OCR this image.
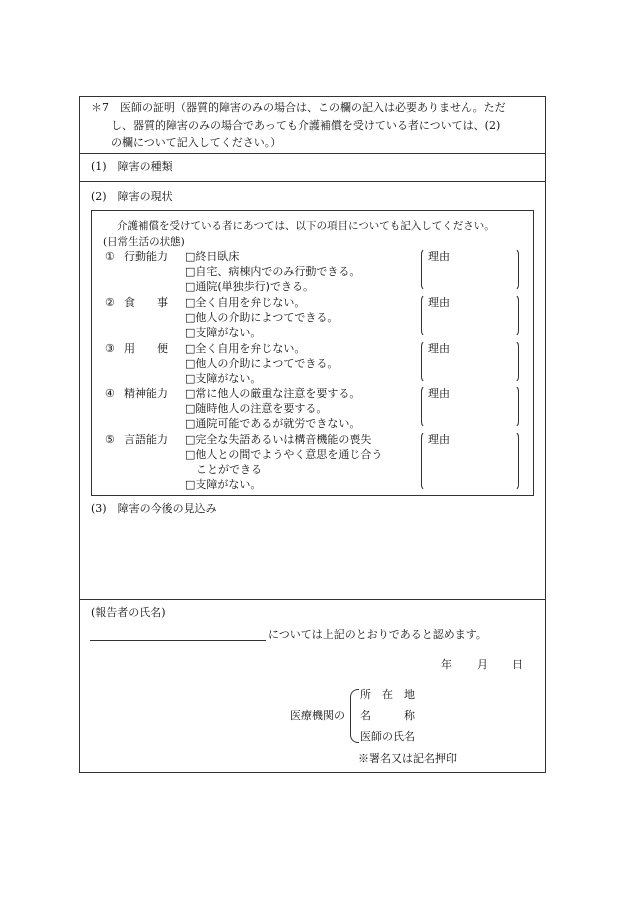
＊7　医師の証明（器質的障害のみの場合は、この欄の記入は必要ありません。ただ
し、器質的障害のみの場合であっても介護補償を受けている者については、(2)
の欄について記入してください。）
(1)　障害の種類
(2)　障害の現状
介護補償を受けている者にあつては、以下の項目についても記入してください。
(日常生活の状態)
① 行動能力 □終日臥床
□自宅、病棟内でのみ行動できる。
□通院(単独歩行)できる。
理由
② 食　　事 □全く自用を弁じない。
□他人の介助によつてできる。
□支障がない。
理由
③ 用　　便 □全く自用を弁じない。
□他人の介助によつてできる。
□支障がない。
理由
④ 精神能力 □常に他人の厳重な注意を要する。
□随時他人の注意を要する。
□通院可能であるが就労できない。
理由
⑤ 言語能力 □完全な失語あるいは構音機能の喪失
□他人との間でようやく意思を通じ合う
　ことができる
□支障がない。
理由
(3)　障害の今後の見込み
(報告者の氏名)
については上記のとおりであると認めます。
年 月 日
医療機関の
所　在　地
名　　　称
医師の氏名
※署名又は記名押印
